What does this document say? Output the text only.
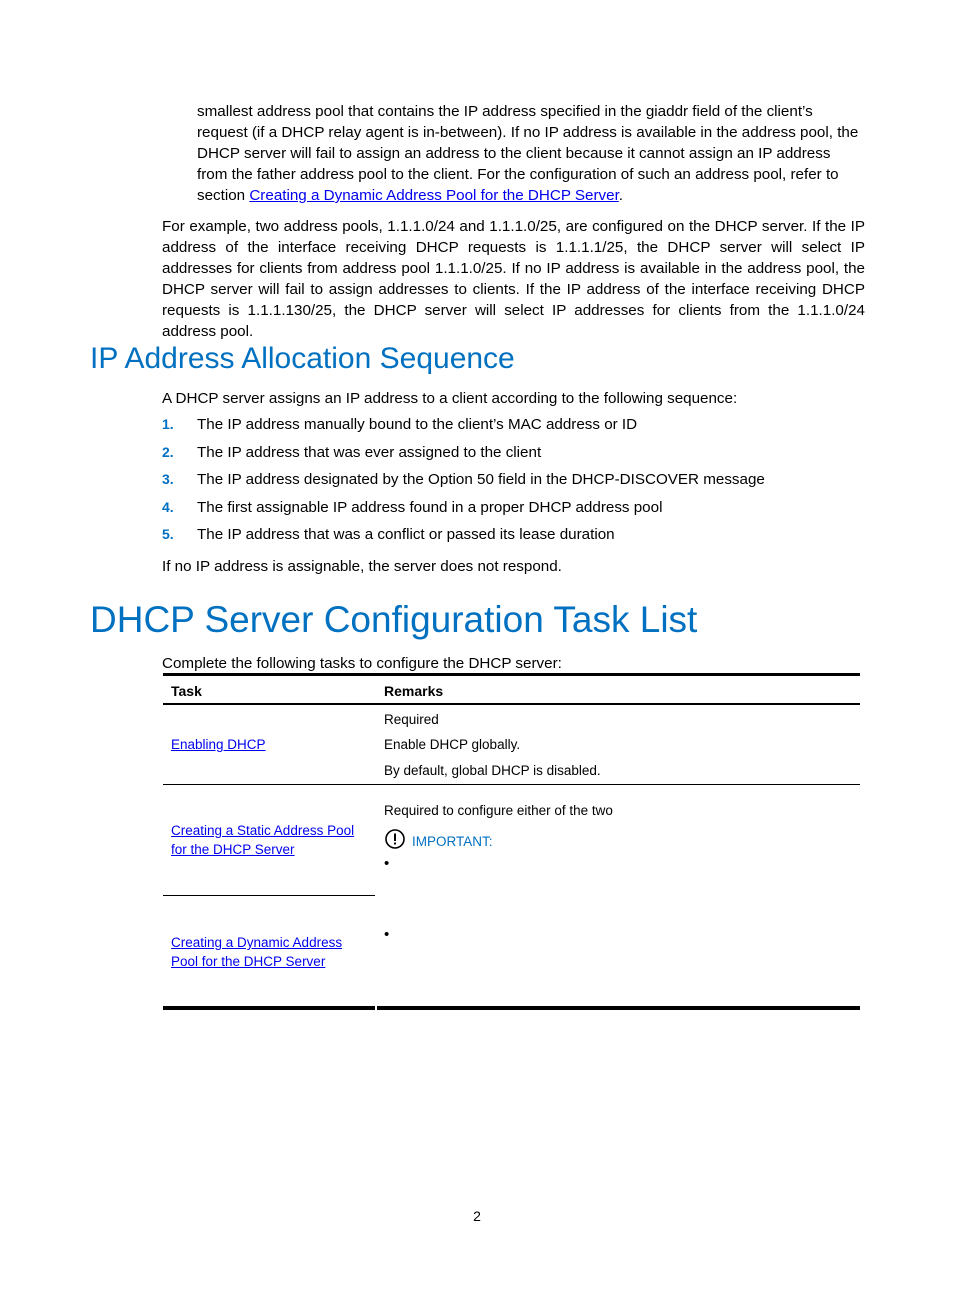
smallest address pool that contains the IP address specified in the giaddr field of the client’s
request (if a DHCP relay agent is in-between). If no IP address is available in the address pool, the
DHCP server will fail to assign an address to the client because it cannot assign an IP address
from the father address pool to the client. For the configuration of such an address pool, refer to
section Creating a Dynamic Address Pool for the DHCP Server.

For example, two address pools, 1.1.1.0/24 and 1.1.1.0/25, are configured on the DHCP server. If the IP address of the interface receiving DHCP requests is 1.1.1.1/25, the DHCP server will select IP addresses for clients from address pool 1.1.1.0/25. If no IP address is available in the address pool, the DHCP server will fail to assign addresses to clients. If the IP address of the interface receiving DHCP requests is 1.1.1.130/25, the DHCP server will select IP addresses for clients from the 1.1.1.0/24 address pool.

IP Address Allocation Sequence

A DHCP server assigns an IP address to a client according to the following sequence:

1. The IP address manually bound to the client’s MAC address or ID
2. The IP address that was ever assigned to the client
3. The IP address designated by the Option 50 field in the DHCP-DISCOVER message
4. The first assignable IP address found in a proper DHCP address pool
5. The IP address that was a conflict or passed its lease duration

If no IP address is assignable, the server does not respond.

DHCP Server Configuration Task List

Complete the following tasks to configure the DHCP server:

Task	Remarks
Enabling DHCP
Required
Enable DHCP globally.
By default, global DHCP is disabled.
Creating a Static Address Pool
for the DHCP Server
Required to configure either of the two
IMPORTANT:
•
Creating a Dynamic Address
Pool for the DHCP Server
•
2
